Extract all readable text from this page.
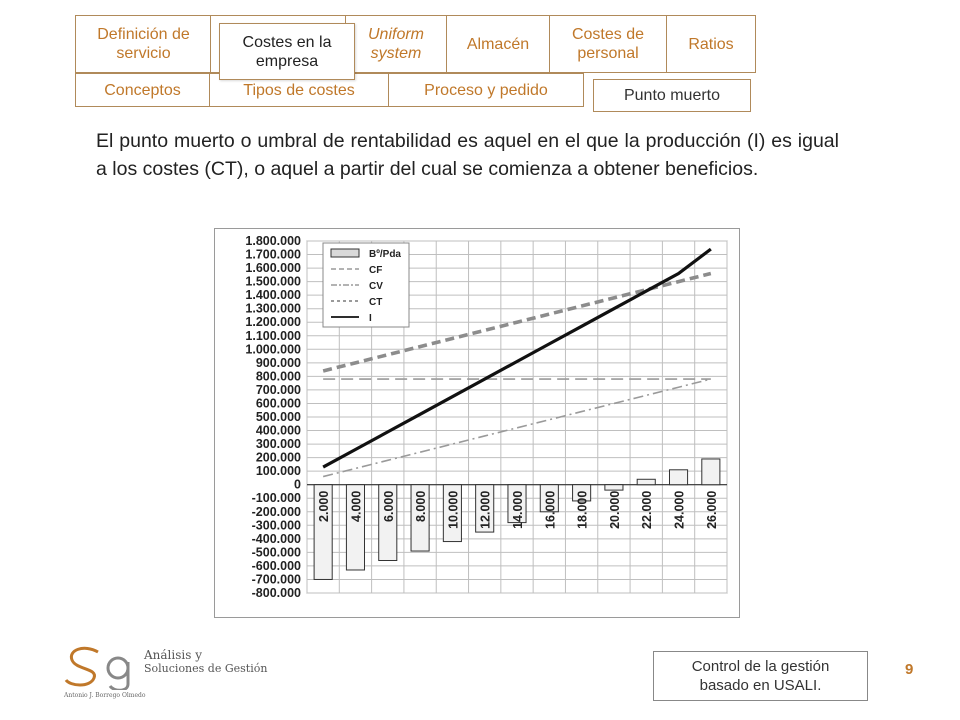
Definición de servicio
Uniform system
Almacén
Costes de personal
Ratios
Conceptos	Tipos de costes	Proceso y pedido	Punto muerto
Costes en la empresa

El punto muerto o umbral de rentabilidad es aquel en el que la producción (I) es igual a los costes (CT), o aquel a partir del cual se comienza a obtener beneficios.

1.800.000
1.700.000
1.600.000
1.500.000
1.400.000
1.300.000
1.200.000
1.100.000
1.000.000
900.000
800.000
700.000
600.000
500.000
400.000
300.000
200.000
100.000
0
-100.000
-200.000
-300.000
-400.000
-500.000
-600.000
-700.000
-800.000
2.000 4.000 6.000 8.000 10.000 12.000 14.000 16.000 18.000 20.000 22.000 24.000 26.000
Bº/Pda
CF
CV
CT
I
Análisis y
Soluciones de Gestión
Antonio J. Borrego Olmedo
Control de la gestión
basado en USALI.
9
